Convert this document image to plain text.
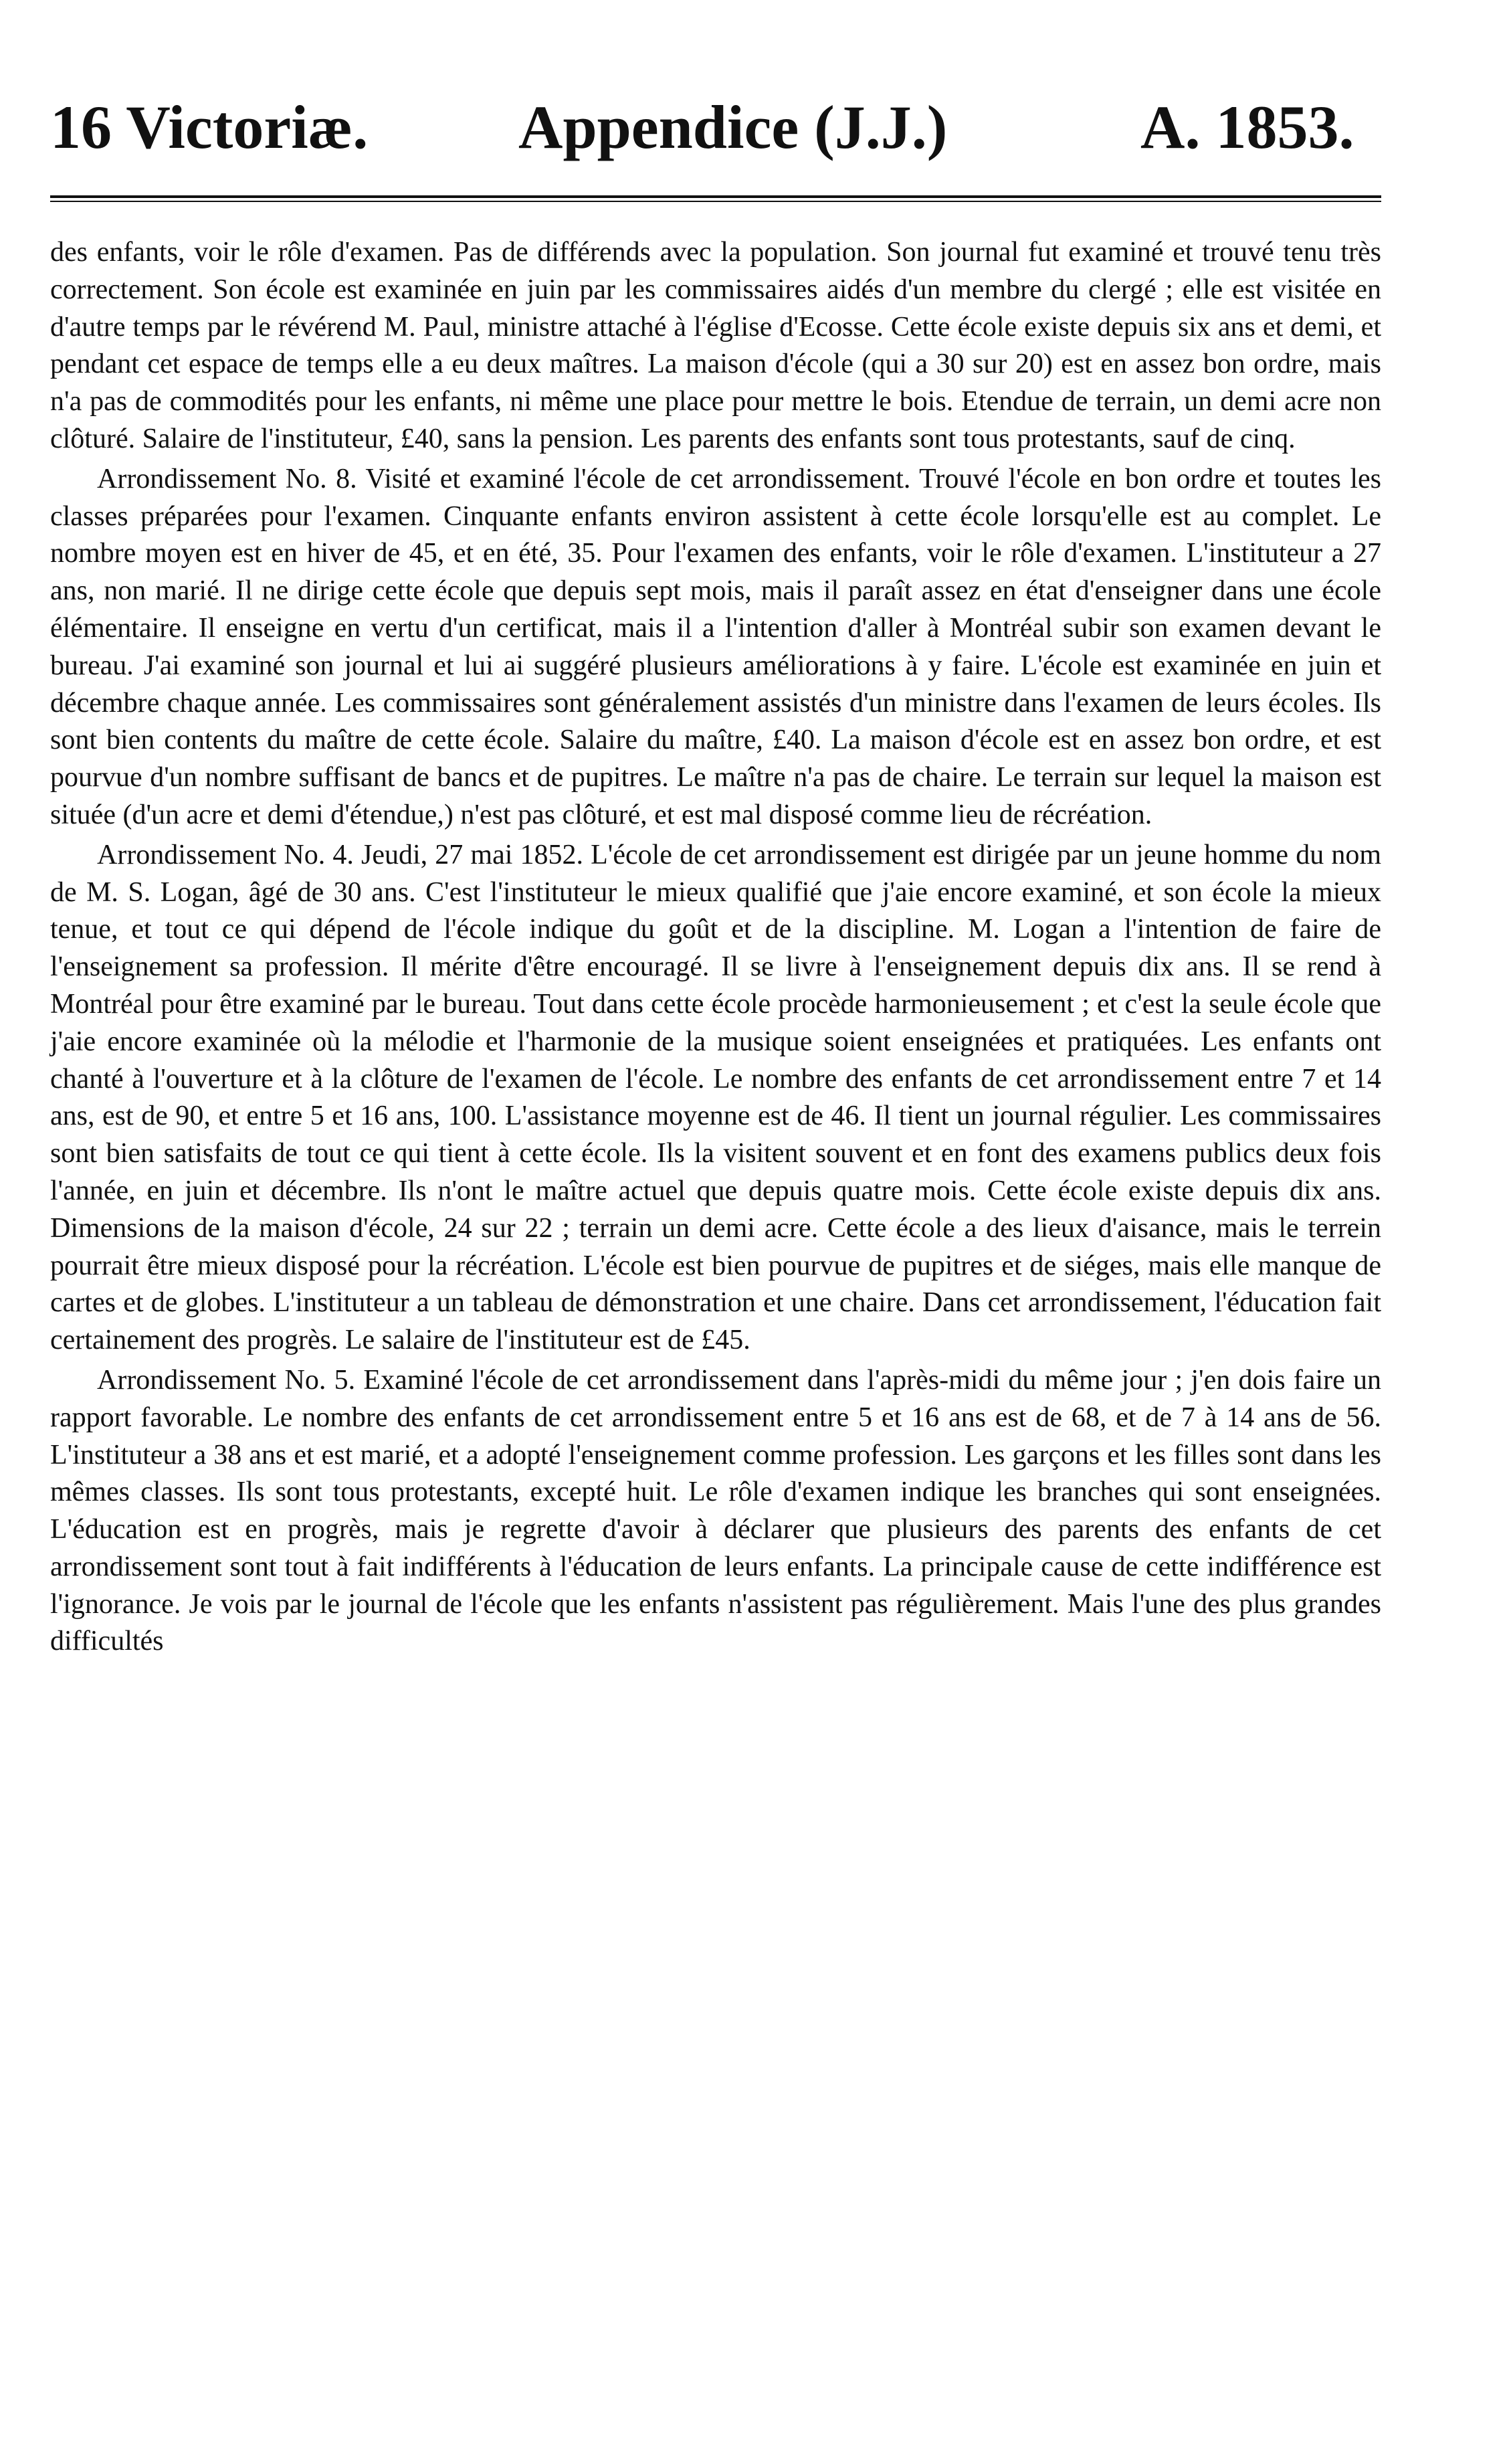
16 Victoriæ. Appendice (J.J.)	A. 1853.

des enfants, voir le rôle d'examen. Pas de différends avec la population. Son journal fut examiné et trouvé tenu très correctement. Son école est examinée en juin par les commissaires aidés d'un membre du clergé ; elle est visitée en d'autre temps par le révérend M. Paul, ministre attaché à l'église d'Ecosse. Cette école existe depuis six ans et demi, et pendant cet espace de temps elle a eu deux maîtres. La maison d'école (qui a 30 sur 20) est en assez bon ordre, mais n'a pas de commodités pour les enfants, ni même une place pour mettre le bois. Etendue de terrain, un demi acre non clôturé. Salaire de l'instituteur, £40, sans la pension. Les parents des enfants sont tous protestants, sauf de cinq.

Arrondissement No. 8. Visité et examiné l'école de cet arrondissement. Trouvé l'école en bon ordre et toutes les classes préparées pour l'examen. Cinquante enfants environ assistent à cette école lorsqu'elle est au complet. Le nombre moyen est en hiver de 45, et en été, 35. Pour l'examen des enfants, voir le rôle d'examen. L'instituteur a 27 ans, non marié. Il ne dirige cette école que depuis sept mois, mais il paraît assez en état d'enseigner dans une école élémentaire. Il enseigne en vertu d'un certificat, mais il a l'intention d'aller à Montréal subir son examen devant le bureau. J'ai examiné son journal et lui ai suggéré plusieurs améliorations à y faire. L'école est examinée en juin et décembre chaque année. Les commissaires sont généralement assistés d'un ministre dans l'examen de leurs écoles. Ils sont bien contents du maître de cette école. Salaire du maître, £40. La maison d'école est en assez bon ordre, et est pourvue d'un nombre suffisant de bancs et de pupitres. Le maître n'a pas de chaire. Le terrain sur lequel la maison est située (d'un acre et demi d'étendue,) n'est pas clôturé, et est mal disposé comme lieu de récréation.

Arrondissement No. 4. Jeudi, 27 mai 1852. L'école de cet arrondissement est dirigée par un jeune homme du nom de M. S. Logan, âgé de 30 ans. C'est l'instituteur le mieux qualifié que j'aie encore examiné, et son école la mieux tenue, et tout ce qui dépend de l'école indique du goût et de la discipline. M. Logan a l'intention de faire de l'enseignement sa profession. Il mérite d'être encouragé. Il se livre à l'enseignement depuis dix ans. Il se rend à Montréal pour être examiné par le bureau. Tout dans cette école procède harmonieusement ; et c'est la seule école que j'aie encore examinée où la mélodie et l'harmonie de la musique soient enseignées et pratiquées. Les enfants ont chanté à l'ouverture et à la clôture de l'examen de l'école. Le nombre des enfants de cet arrondissement entre 7 et 14 ans, est de 90, et entre 5 et 16 ans, 100. L'assistance moyenne est de 46. Il tient un journal régulier. Les commissaires sont bien satisfaits de tout ce qui tient à cette école. Ils la visitent souvent et en font des examens publics deux fois l'année, en juin et décembre. Ils n'ont le maître actuel que depuis quatre mois. Cette école existe depuis dix ans. Dimensions de la maison d'école, 24 sur 22 ; terrain un demi acre. Cette école a des lieux d'aisance, mais le terrein pourrait être mieux disposé pour la récréation. L'école est bien pourvue de pupitres et de siéges, mais elle manque de cartes et de globes. L'instituteur a un tableau de démonstration et une chaire. Dans cet arrondissement, l'éducation fait certainement des progrès. Le salaire de l'instituteur est de £45.

Arrondissement No. 5. Examiné l'école de cet arrondissement dans l'après-midi du même jour ; j'en dois faire un rapport favorable. Le nombre des enfants de cet arrondissement entre 5 et 16 ans est de 68, et de 7 à 14 ans de 56. L'instituteur a 38 ans et est marié, et a adopté l'enseignement comme profession. Les garçons et les filles sont dans les mêmes classes. Ils sont tous protestants, excepté huit. Le rôle d'examen indique les branches qui sont enseignées. L'éducation est en progrès, mais je regrette d'avoir à déclarer que plusieurs des parents des enfants de cet arrondissement sont tout à fait indifférents à l'éducation de leurs enfants. La principale cause de cette indifférence est l'ignorance. Je vois par le journal de l'école que les enfants n'assistent pas régulièrement. Mais l'une des plus grandes difficultés
